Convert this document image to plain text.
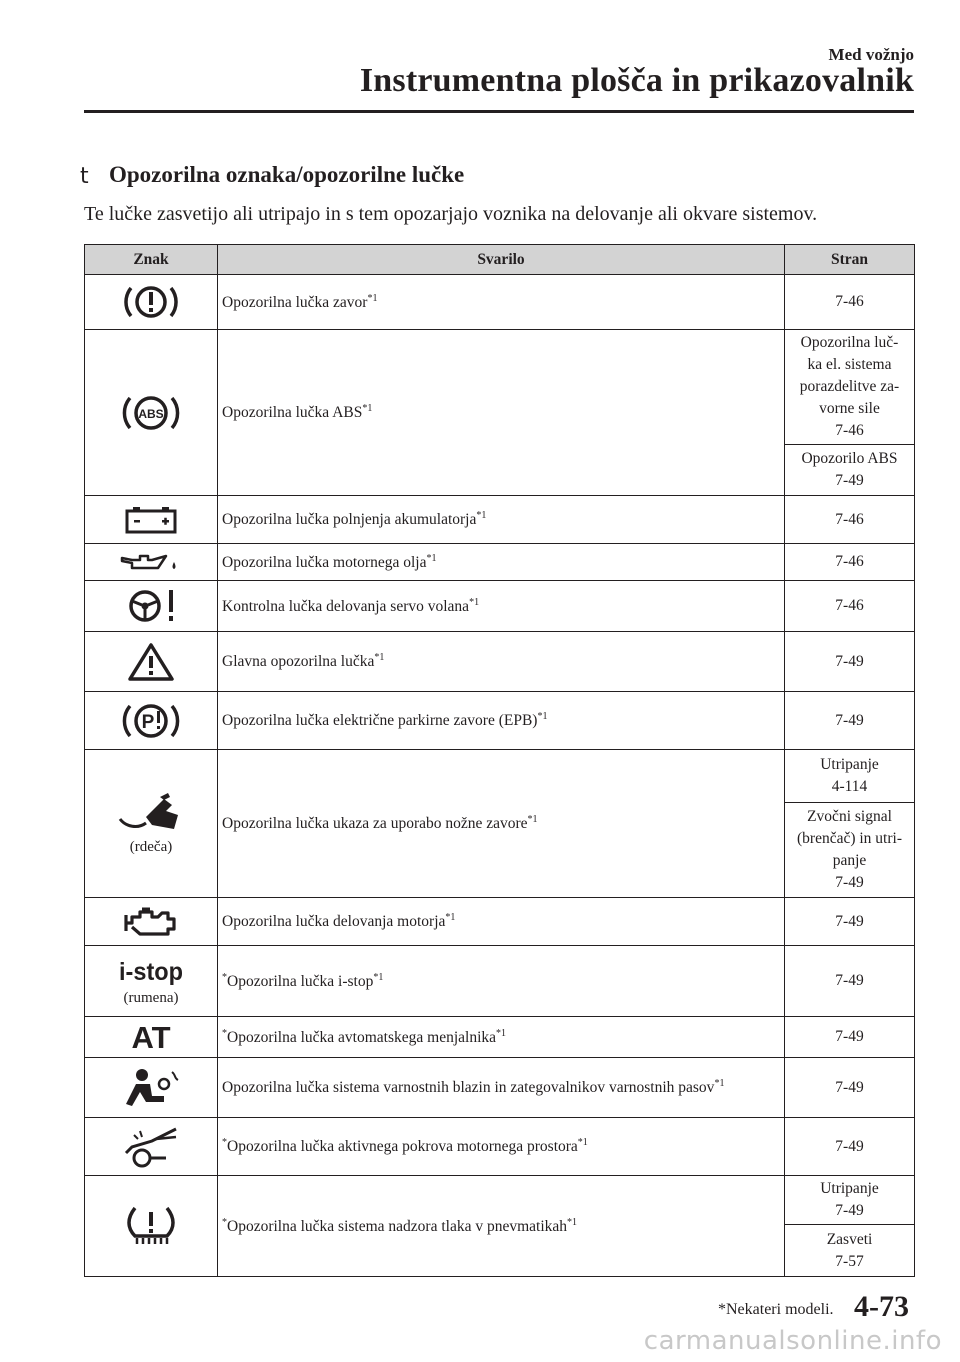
Med vožnjo
Instrumentna plošča in prikazovalnik
t Opozorilna oznaka/opozorilne lučke
Te lučke zasvetijo ali utripajo in s tem opozarjajo voznika na delovanje ali okvare sistemov.
Znak	Svarilo	Stran

	Opozorilna lučka zavor$^{*1}$	7-46

ABS	Opozorilna lučka ABS$^{*1}$	Opozorilna luč-
ka el. sistema
porazdelitve za-
vorne sile
7-46
		Opozorilo ABS
7-49

	Opozorilna lučka polnjenja akumulatorja$^{*1}$	7-46

	Opozorilna lučka motornega olja$^{*1}$	7-46

	Kontrolna lučka delovanja servo volana$^{*1}$	7-46

	Glavna opozorilna lučka$^{*1}$	7-49

P	Opozorilna lučka električne parkirne zavore (EPB)$^{*1}$	7-49

(rdeča)	Opozorilna lučka ukaza za uporabo nožne zavore$^{*1}$	Utripanje
4-114
		Zvočni signal
(brenčač) in utri-
panje
7-49

	Opozorilna lučka delovanja motorja$^{*1}$	7-49

i-stop
(rumena)	*Opozorilna lučka i-stop$^{*1}$	7-49

AT	*Opozorilna lučka avtomatskega menjalnika$^{*1}$	7-49

	Opozorilna lučka sistema varnostnih blazin in zategovalnikov varnostnih pasov$^{*1}$	7-49

	*Opozorilna lučka aktivnega pokrova motornega prostora$^{*1}$	7-49

	*Opozorilna lučka sistema nadzora tlaka v pnevmatikah$^{*1}$	Utripanje
7-49
		Zasveti
7-57
*Nekateri modeli. 4-73
carmanualsonline.info
